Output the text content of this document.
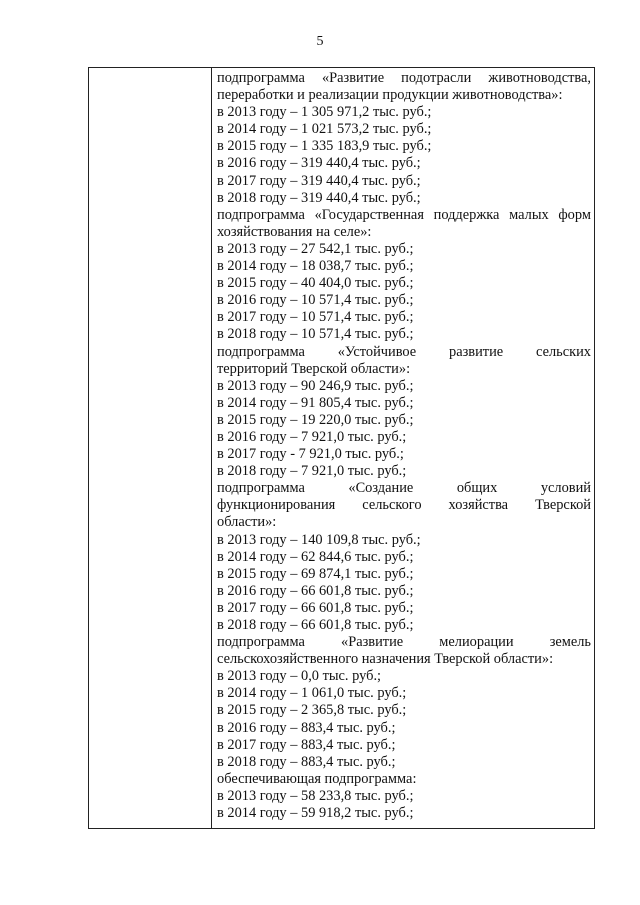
5
подпрограмма «Развитие подотрасли животноводства,
переработки и реализации продукции животноводства»:
в 2013 году – 1 305 971,2 тыс. руб.;
в 2014 году – 1 021 573,2 тыс. руб.;
в 2015 году – 1 335 183,9 тыс. руб.;
в 2016 году – 319 440,4 тыс. руб.;
в 2017 году – 319 440,4 тыс. руб.;
в 2018 году – 319 440,4 тыс. руб.;
подпрограмма «Государственная поддержка малых форм
хозяйствования на селе»:
в 2013 году – 27 542,1 тыс. руб.;
в 2014 году – 18 038,7 тыс. руб.;
в 2015 году – 40 404,0 тыс. руб.;
в 2016 году – 10 571,4 тыс. руб.;
в 2017 году – 10 571,4 тыс. руб.;
в 2018 году – 10 571,4 тыс. руб.;
подпрограмма «Устойчивое развитие сельских
территорий Тверской области»:
в 2013 году – 90 246,9 тыс. руб.;
в 2014 году – 91 805,4 тыс. руб.;
в 2015 году – 19 220,0 тыс. руб.;
в 2016 году – 7 921,0 тыс. руб.;
в 2017 году - 7 921,0 тыс. руб.;
в 2018 году – 7 921,0 тыс. руб.;
подпрограмма	«Создание	общих	условий
функционирования сельского хозяйства Тверской
области»:
в 2013 году – 140 109,8 тыс. руб.;
в 2014 году – 62 844,6 тыс. руб.;
в 2015 году – 69 874,1 тыс. руб.;
в 2016 году – 66 601,8 тыс. руб.;
в 2017 году – 66 601,8 тыс. руб.;
в 2018 году – 66 601,8 тыс. руб.;
подпрограмма	«Развитие	мелиорации	земель
сельскохозяйственного назначения Тверской области»:
в 2013 году – 0,0 тыс. руб.;
в 2014 году – 1 061,0 тыс. руб.;
в 2015 году – 2 365,8 тыс. руб.;
в 2016 году – 883,4 тыс. руб.;
в 2017 году – 883,4 тыс. руб.;
в 2018 году – 883,4 тыс. руб.;
обеспечивающая подпрограмма:
в 2013 году – 58 233,8 тыс. руб.;
в 2014 году – 59 918,2 тыс. руб.;
